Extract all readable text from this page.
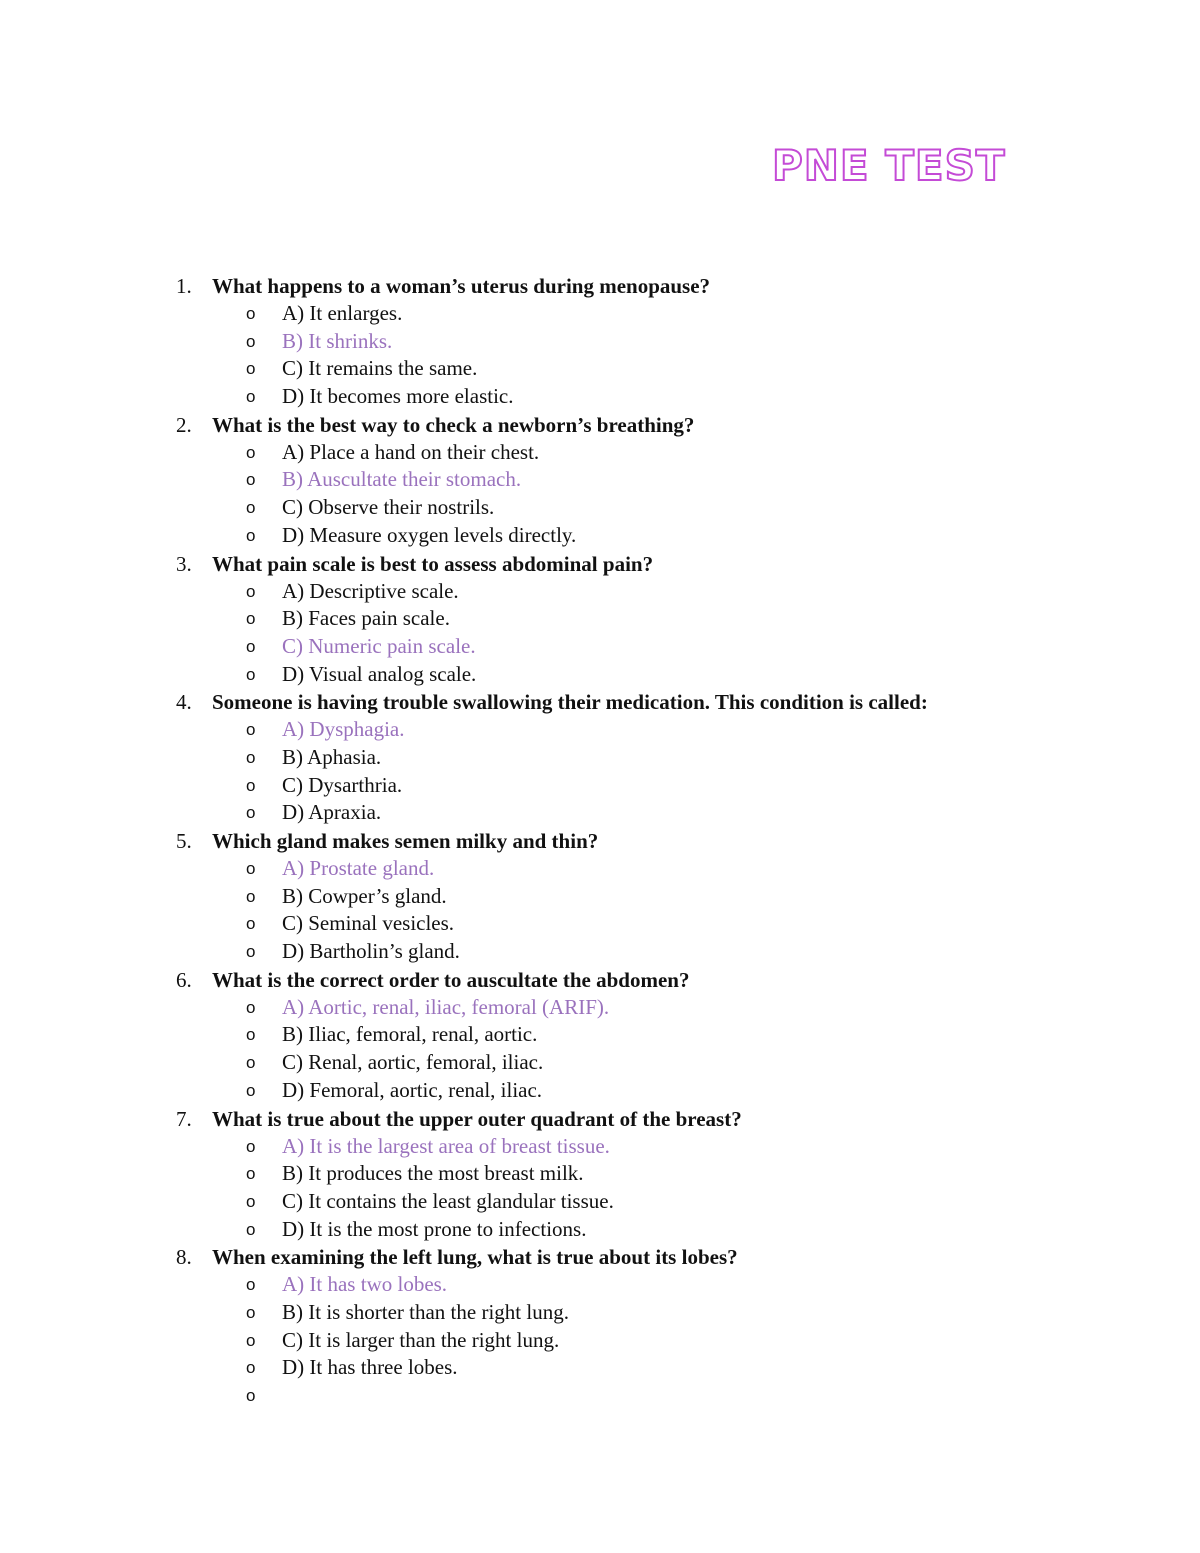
PNE TEST
1. What happens to a woman’s uterus during menopause?
o A) It enlarges.
o B) It shrinks.
o C) It remains the same.
o D) It becomes more elastic.
2. What is the best way to check a newborn’s breathing?
o A) Place a hand on their chest.
o B) Auscultate their stomach.
o C) Observe their nostrils.
o D) Measure oxygen levels directly.
3. What pain scale is best to assess abdominal pain?
o A) Descriptive scale.
o B) Faces pain scale.
o C) Numeric pain scale.
o D) Visual analog scale.
4. Someone is having trouble swallowing their medication. This condition is called:
o A) Dysphagia.
o B) Aphasia.
o C) Dysarthria.
o D) Apraxia.
5. Which gland makes semen milky and thin?
o A) Prostate gland.
o B) Cowper’s gland.
o C) Seminal vesicles.
o D) Bartholin’s gland.
6. What is the correct order to auscultate the abdomen?
o A) Aortic, renal, iliac, femoral (ARIF).
o B) Iliac, femoral, renal, aortic.
o C) Renal, aortic, femoral, iliac.
o D) Femoral, aortic, renal, iliac.
7. What is true about the upper outer quadrant of the breast?
o A) It is the largest area of breast tissue.
o B) It produces the most breast milk.
o C) It contains the least glandular tissue.
o D) It is the most prone to infections.
8. When examining the left lung, what is true about its lobes?
o A) It has two lobes.
o B) It is shorter than the right lung.
o C) It is larger than the right lung.
o D) It has three lobes.
o
